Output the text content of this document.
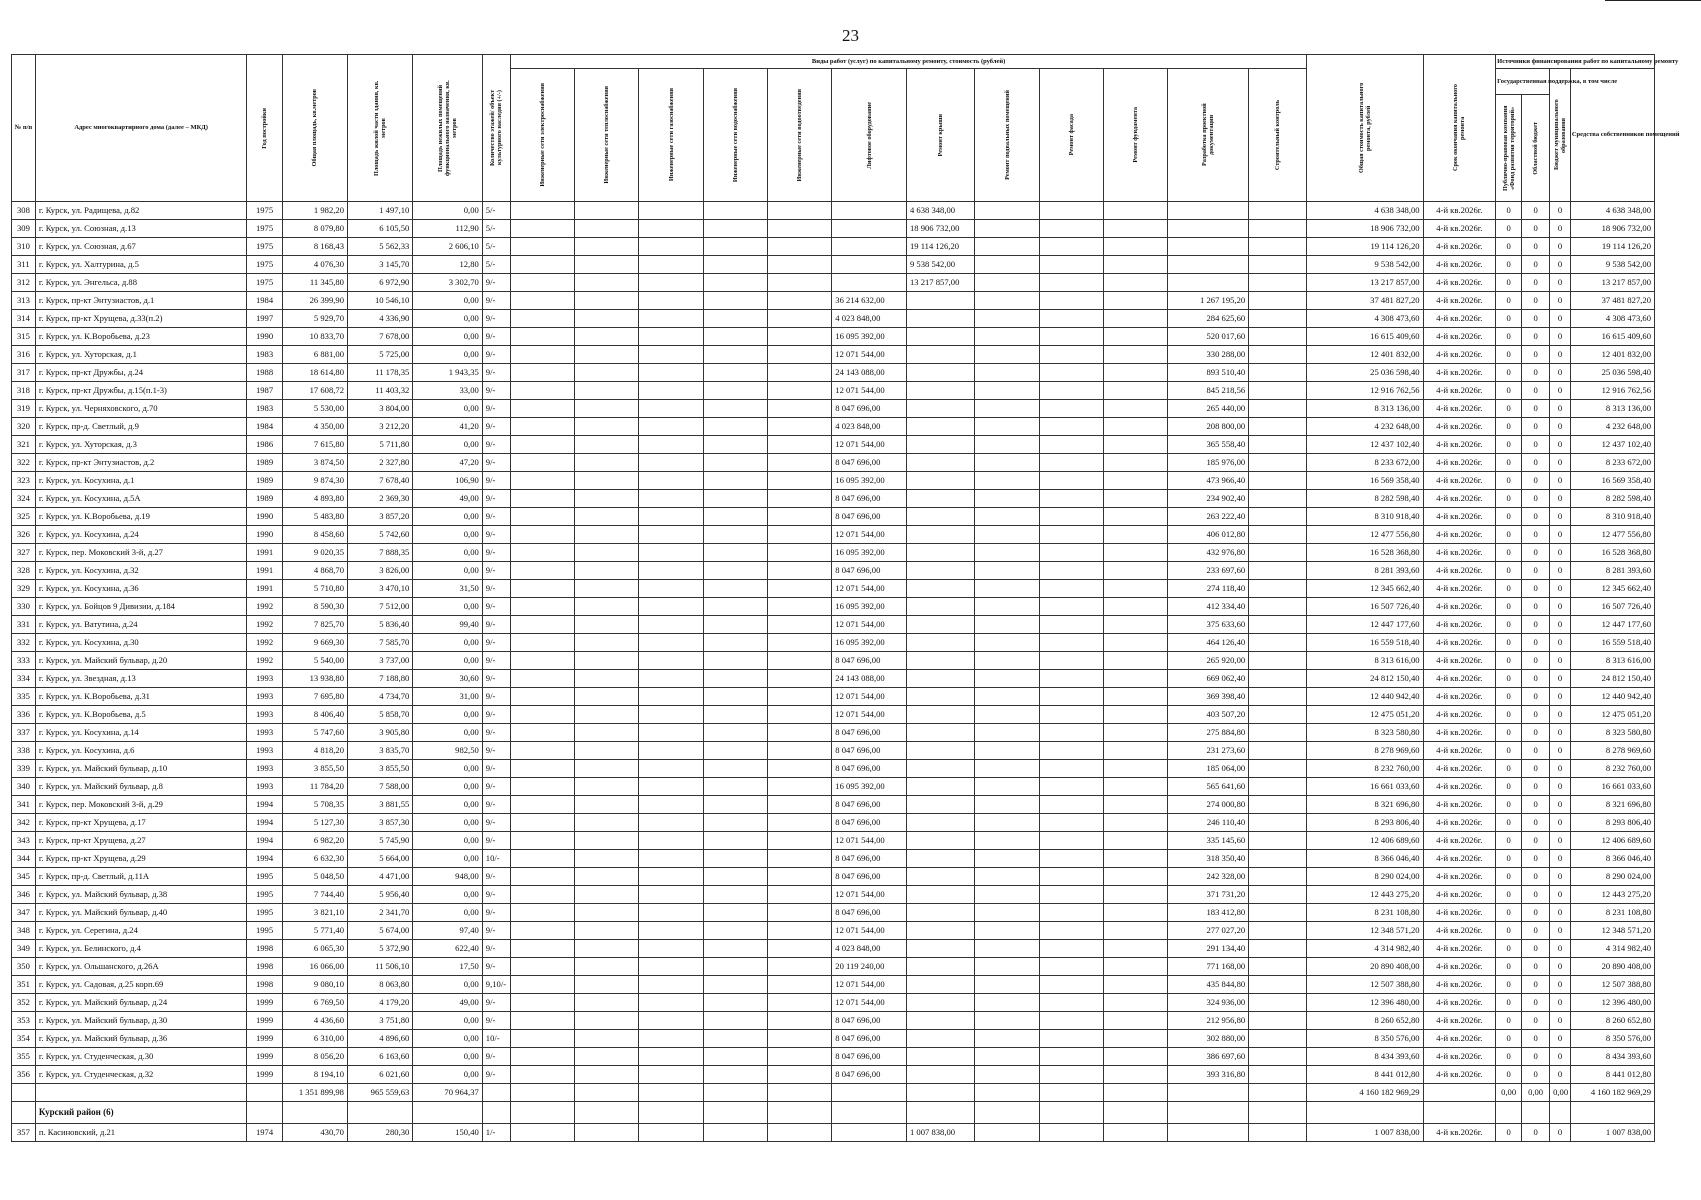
23
№ п/п	Адрес многоквартирного дома (далее – МКД)	Год постройки	Общая площадь, кв.метров	Площадь жилой части здания, кв. метров	Площадь нежилых помещений функционального назначения, кв. метров	Количество этажей/ объект культурного наследия (+/-)	Виды работ (услуг) по капитальному ремонту, стоимость (рублей)												Общая стоимость капитального ремонта, рублей	Срок окончания капитального ремонта	Источники финансирования работ по капитальному ремонту			

							Инженерные сети электроснабжения	Инженерные сети теплоснабжения	Инженерные сети газоснабжения	Инженерные сети водоснабжения	Инженерные сети водоотведения	Лифтовое оборудование	Ремонт крыши	Ремонт подвальных помещений	Ремонт фасада	Ремонт фундамента	Разработка проектной документации	Строительный контроль			Государственная поддержка, в том числе		Бюджет муниципального образования	Средства собственников помещений

																					Публично-правовая компания «Фонд развития территорий»	Областной бюджет		

308	г. Курск, ул. Радищева, д.82	1975	1 982,20	1 497,10	0,00	5/-							4 638 348,00						4 638 348,00	4-й кв.2026г.	0	0	0	4 638 348,00
309	г. Курск, ул. Союзная, д.13	1975	8 079,80	6 105,50	112,90	5/-							18 906 732,00						18 906 732,00	4-й кв.2026г.	0	0	0	18 906 732,00
310	г. Курск, ул. Союзная, д.67	1975	8 168,43	5 562,33	2 606,10	5/-							19 114 126,20						19 114 126,20	4-й кв.2026г.	0	0	0	19 114 126,20
311	г. Курск, ул. Халтурина, д.5	1975	4 076,30	3 145,70	12,80	5/-							9 538 542,00						9 538 542,00	4-й кв.2026г.	0	0	0	9 538 542,00
312	г. Курск, ул. Энгельса, д.88	1975	11 345,80	6 972,90	3 302,70	9/-							13 217 857,00						13 217 857,00	4-й кв.2026г.	0	0	0	13 217 857,00
313	г. Курск, пр-кт Энтузиастов, д.1	1984	26 399,90	10 546,10	0,00	9/-						36 214 632,00					1 267 195,20		37 481 827,20	4-й кв.2026г.	0	0	0	37 481 827,20
314	г. Курск, пр-кт Хрущева, д.33(п.2)	1997	5 929,70	4 336,90	0,00	9/-						4 023 848,00					284 625,60		4 308 473,60	4-й кв.2026г.	0	0	0	4 308 473,60
315	г. Курск, ул. К.Воробьева, д.23	1990	10 833,70	7 678,00	0,00	9/-						16 095 392,00					520 017,60		16 615 409,60	4-й кв.2026г.	0	0	0	16 615 409,60
316	г. Курск, ул. Хуторская, д.1	1983	6 881,00	5 725,00	0,00	9/-						12 071 544,00					330 288,00		12 401 832,00	4-й кв.2026г.	0	0	0	12 401 832,00
317	г. Курск, пр-кт Дружбы, д.24	1988	18 614,80	11 178,35	1 943,35	9/-						24 143 088,00					893 510,40		25 036 598,40	4-й кв.2026г.	0	0	0	25 036 598,40
318	г. Курск, пр-кт Дружбы, д.15(п.1-3)	1987	17 608,72	11 403,32	33,00	9/-						12 071 544,00					845 218,56		12 916 762,56	4-й кв.2026г.	0	0	0	12 916 762,56
319	г. Курск, ул. Черняховского, д.70	1983	5 530,00	3 804,00	0,00	9/-						8 047 696,00					265 440,00		8 313 136,00	4-й кв.2026г.	0	0	0	8 313 136,00
320	г. Курск, пр-д. Светлый, д.9	1984	4 350,00	3 212,20	41,20	9/-						4 023 848,00					208 800,00		4 232 648,00	4-й кв.2026г.	0	0	0	4 232 648,00
321	г. Курск, ул. Хуторская, д.3	1986	7 615,80	5 711,80	0,00	9/-						12 071 544,00					365 558,40		12 437 102,40	4-й кв.2026г.	0	0	0	12 437 102,40
322	г. Курск, пр-кт Энтузиастов, д.2	1989	3 874,50	2 327,80	47,20	9/-						8 047 696,00					185 976,00		8 233 672,00	4-й кв.2026г.	0	0	0	8 233 672,00
323	г. Курск, ул. Косухина, д.1	1989	9 874,30	7 678,40	106,90	9/-						16 095 392,00					473 966,40		16 569 358,40	4-й кв.2026г.	0	0	0	16 569 358,40
324	г. Курск, ул. Косухина, д.5А	1989	4 893,80	2 369,30	49,00	9/-						8 047 696,00					234 902,40		8 282 598,40	4-й кв.2026г.	0	0	0	8 282 598,40
325	г. Курск, ул. К.Воробьева, д.19	1990	5 483,80	3 857,20	0,00	9/-						8 047 696,00					263 222,40		8 310 918,40	4-й кв.2026г.	0	0	0	8 310 918,40
326	г. Курск, ул. Косухина, д.24	1990	8 458,60	5 742,60	0,00	9/-						12 071 544,00					406 012,80		12 477 556,80	4-й кв.2026г.	0	0	0	12 477 556,80
327	г. Курск, пер. Моковский 3-й, д.27	1991	9 020,35	7 888,35	0,00	9/-						16 095 392,00					432 976,80		16 528 368,80	4-й кв.2026г.	0	0	0	16 528 368,80
328	г. Курск, ул. Косухина, д.32	1991	4 868,70	3 826,00	0,00	9/-						8 047 696,00					233 697,60		8 281 393,60	4-й кв.2026г.	0	0	0	8 281 393,60
329	г. Курск, ул. Косухина, д.36	1991	5 710,80	3 470,10	31,50	9/-						12 071 544,00					274 118,40		12 345 662,40	4-й кв.2026г.	0	0	0	12 345 662,40
330	г. Курск, ул. Бойцов 9 Дивизии, д.184	1992	8 590,30	7 512,00	0,00	9/-						16 095 392,00					412 334,40		16 507 726,40	4-й кв.2026г.	0	0	0	16 507 726,40
331	г. Курск, ул. Ватутина, д.24	1992	7 825,70	5 836,40	99,40	9/-						12 071 544,00					375 633,60		12 447 177,60	4-й кв.2026г.	0	0	0	12 447 177,60
332	г. Курск, ул. Косухина, д.30	1992	9 669,30	7 585,70	0,00	9/-						16 095 392,00					464 126,40		16 559 518,40	4-й кв.2026г.	0	0	0	16 559 518,40
333	г. Курск, ул. Майский бульвар, д.20	1992	5 540,00	3 737,00	0,00	9/-						8 047 696,00					265 920,00		8 313 616,00	4-й кв.2026г.	0	0	0	8 313 616,00
334	г. Курск, ул. Звездная, д.13	1993	13 938,80	7 188,80	30,60	9/-						24 143 088,00					669 062,40		24 812 150,40	4-й кв.2026г.	0	0	0	24 812 150,40
335	г. Курск, ул. К.Воробьева, д.31	1993	7 695,80	4 734,70	31,00	9/-						12 071 544,00					369 398,40		12 440 942,40	4-й кв.2026г.	0	0	0	12 440 942,40
336	г. Курск, ул. К.Воробьева, д.5	1993	8 406,40	5 858,70	0,00	9/-						12 071 544,00					403 507,20		12 475 051,20	4-й кв.2026г.	0	0	0	12 475 051,20
337	г. Курск, ул. Косухина, д.14	1993	5 747,60	3 905,80	0,00	9/-						8 047 696,00					275 884,80		8 323 580,80	4-й кв.2026г.	0	0	0	8 323 580,80
338	г. Курск, ул. Косухина, д.6	1993	4 818,20	3 835,70	982,50	9/-						8 047 696,00					231 273,60		8 278 969,60	4-й кв.2026г.	0	0	0	8 278 969,60
339	г. Курск, ул. Майский бульвар, д.10	1993	3 855,50	3 855,50	0,00	9/-						8 047 696,00					185 064,00		8 232 760,00	4-й кв.2026г.	0	0	0	8 232 760,00
340	г. Курск, ул. Майский бульвар, д.8	1993	11 784,20	7 588,00	0,00	9/-						16 095 392,00					565 641,60		16 661 033,60	4-й кв.2026г.	0	0	0	16 661 033,60
341	г. Курск, пер. Моковский 3-й, д.29	1994	5 708,35	3 881,55	0,00	9/-						8 047 696,00					274 000,80		8 321 696,80	4-й кв.2026г.	0	0	0	8 321 696,80
342	г. Курск, пр-кт Хрущева, д.17	1994	5 127,30	3 857,30	0,00	9/-						8 047 696,00					246 110,40		8 293 806,40	4-й кв.2026г.	0	0	0	8 293 806,40
343	г. Курск, пр-кт Хрущева, д.27	1994	6 982,20	5 745,90	0,00	9/-						12 071 544,00					335 145,60		12 406 689,60	4-й кв.2026г.	0	0	0	12 406 689,60
344	г. Курск, пр-кт Хрущева, д.29	1994	6 632,30	5 664,00	0,00	10/-						8 047 696,00					318 350,40		8 366 046,40	4-й кв.2026г.	0	0	0	8 366 046,40
345	г. Курск, пр-д. Светлый, д.11А	1995	5 048,50	4 471,00	948,00	9/-						8 047 696,00					242 328,00		8 290 024,00	4-й кв.2026г.	0	0	0	8 290 024,00
346	г. Курск, ул. Майский бульвар, д.38	1995	7 744,40	5 956,40	0,00	9/-						12 071 544,00					371 731,20		12 443 275,20	4-й кв.2026г.	0	0	0	12 443 275,20
347	г. Курск, ул. Майский бульвар, д.40	1995	3 821,10	2 341,70	0,00	9/-						8 047 696,00					183 412,80		8 231 108,80	4-й кв.2026г.	0	0	0	8 231 108,80
348	г. Курск, ул. Серегина, д.24	1995	5 771,40	5 674,00	97,40	9/-						12 071 544,00					277 027,20		12 348 571,20	4-й кв.2026г.	0	0	0	12 348 571,20
349	г. Курск, ул. Белинского, д.4	1998	6 065,30	5 372,90	622,40	9/-						4 023 848,00					291 134,40		4 314 982,40	4-й кв.2026г.	0	0	0	4 314 982,40
350	г. Курск, ул. Ольшанского, д.26А	1998	16 066,00	11 506,10	17,50	9/-						20 119 240,00					771 168,00		20 890 408,00	4-й кв.2026г.	0	0	0	20 890 408,00
351	г. Курск, ул. Садовая, д.25 корп.69	1998	9 080,10	8 063,80	0,00	9,10/-						12 071 544,00					435 844,80		12 507 388,80	4-й кв.2026г.	0	0	0	12 507 388,80
352	г. Курск, ул. Майский бульвар, д.24	1999	6 769,50	4 179,20	49,00	9/-						12 071 544,00					324 936,00		12 396 480,00	4-й кв.2026г.	0	0	0	12 396 480,00
353	г. Курск, ул. Майский бульвар, д.30	1999	4 436,60	3 751,80	0,00	9/-						8 047 696,00					212 956,80		8 260 652,80	4-й кв.2026г.	0	0	0	8 260 652,80
354	г. Курск, ул. Майский бульвар, д.36	1999	6 310,00	4 896,60	0,00	10/-						8 047 696,00					302 880,00		8 350 576,00	4-й кв.2026г.	0	0	0	8 350 576,00
355	г. Курск, ул. Студенческая, д.30	1999	8 056,20	6 163,60	0,00	9/-						8 047 696,00					386 697,60		8 434 393,60	4-й кв.2026г.	0	0	0	8 434 393,60
356	г. Курск, ул. Студенческая, д.32	1999	8 194,10	6 021,60	0,00	9/-						8 047 696,00					393 316,80		8 441 012,80	4-й кв.2026г.	0	0	0	8 441 012,80
			1 351 899,98	965 559,63	70 964,37														4 160 182 969,29		0,00	0,00	0,00	4 160 182 969,29
	Курский район (6)																							
357	п. Касиновский, д.21	1974	430,70	280,30	150,40	1/-							1 007 838,00						1 007 838,00	4-й кв.2026г.	0	0	0	1 007 838,00
